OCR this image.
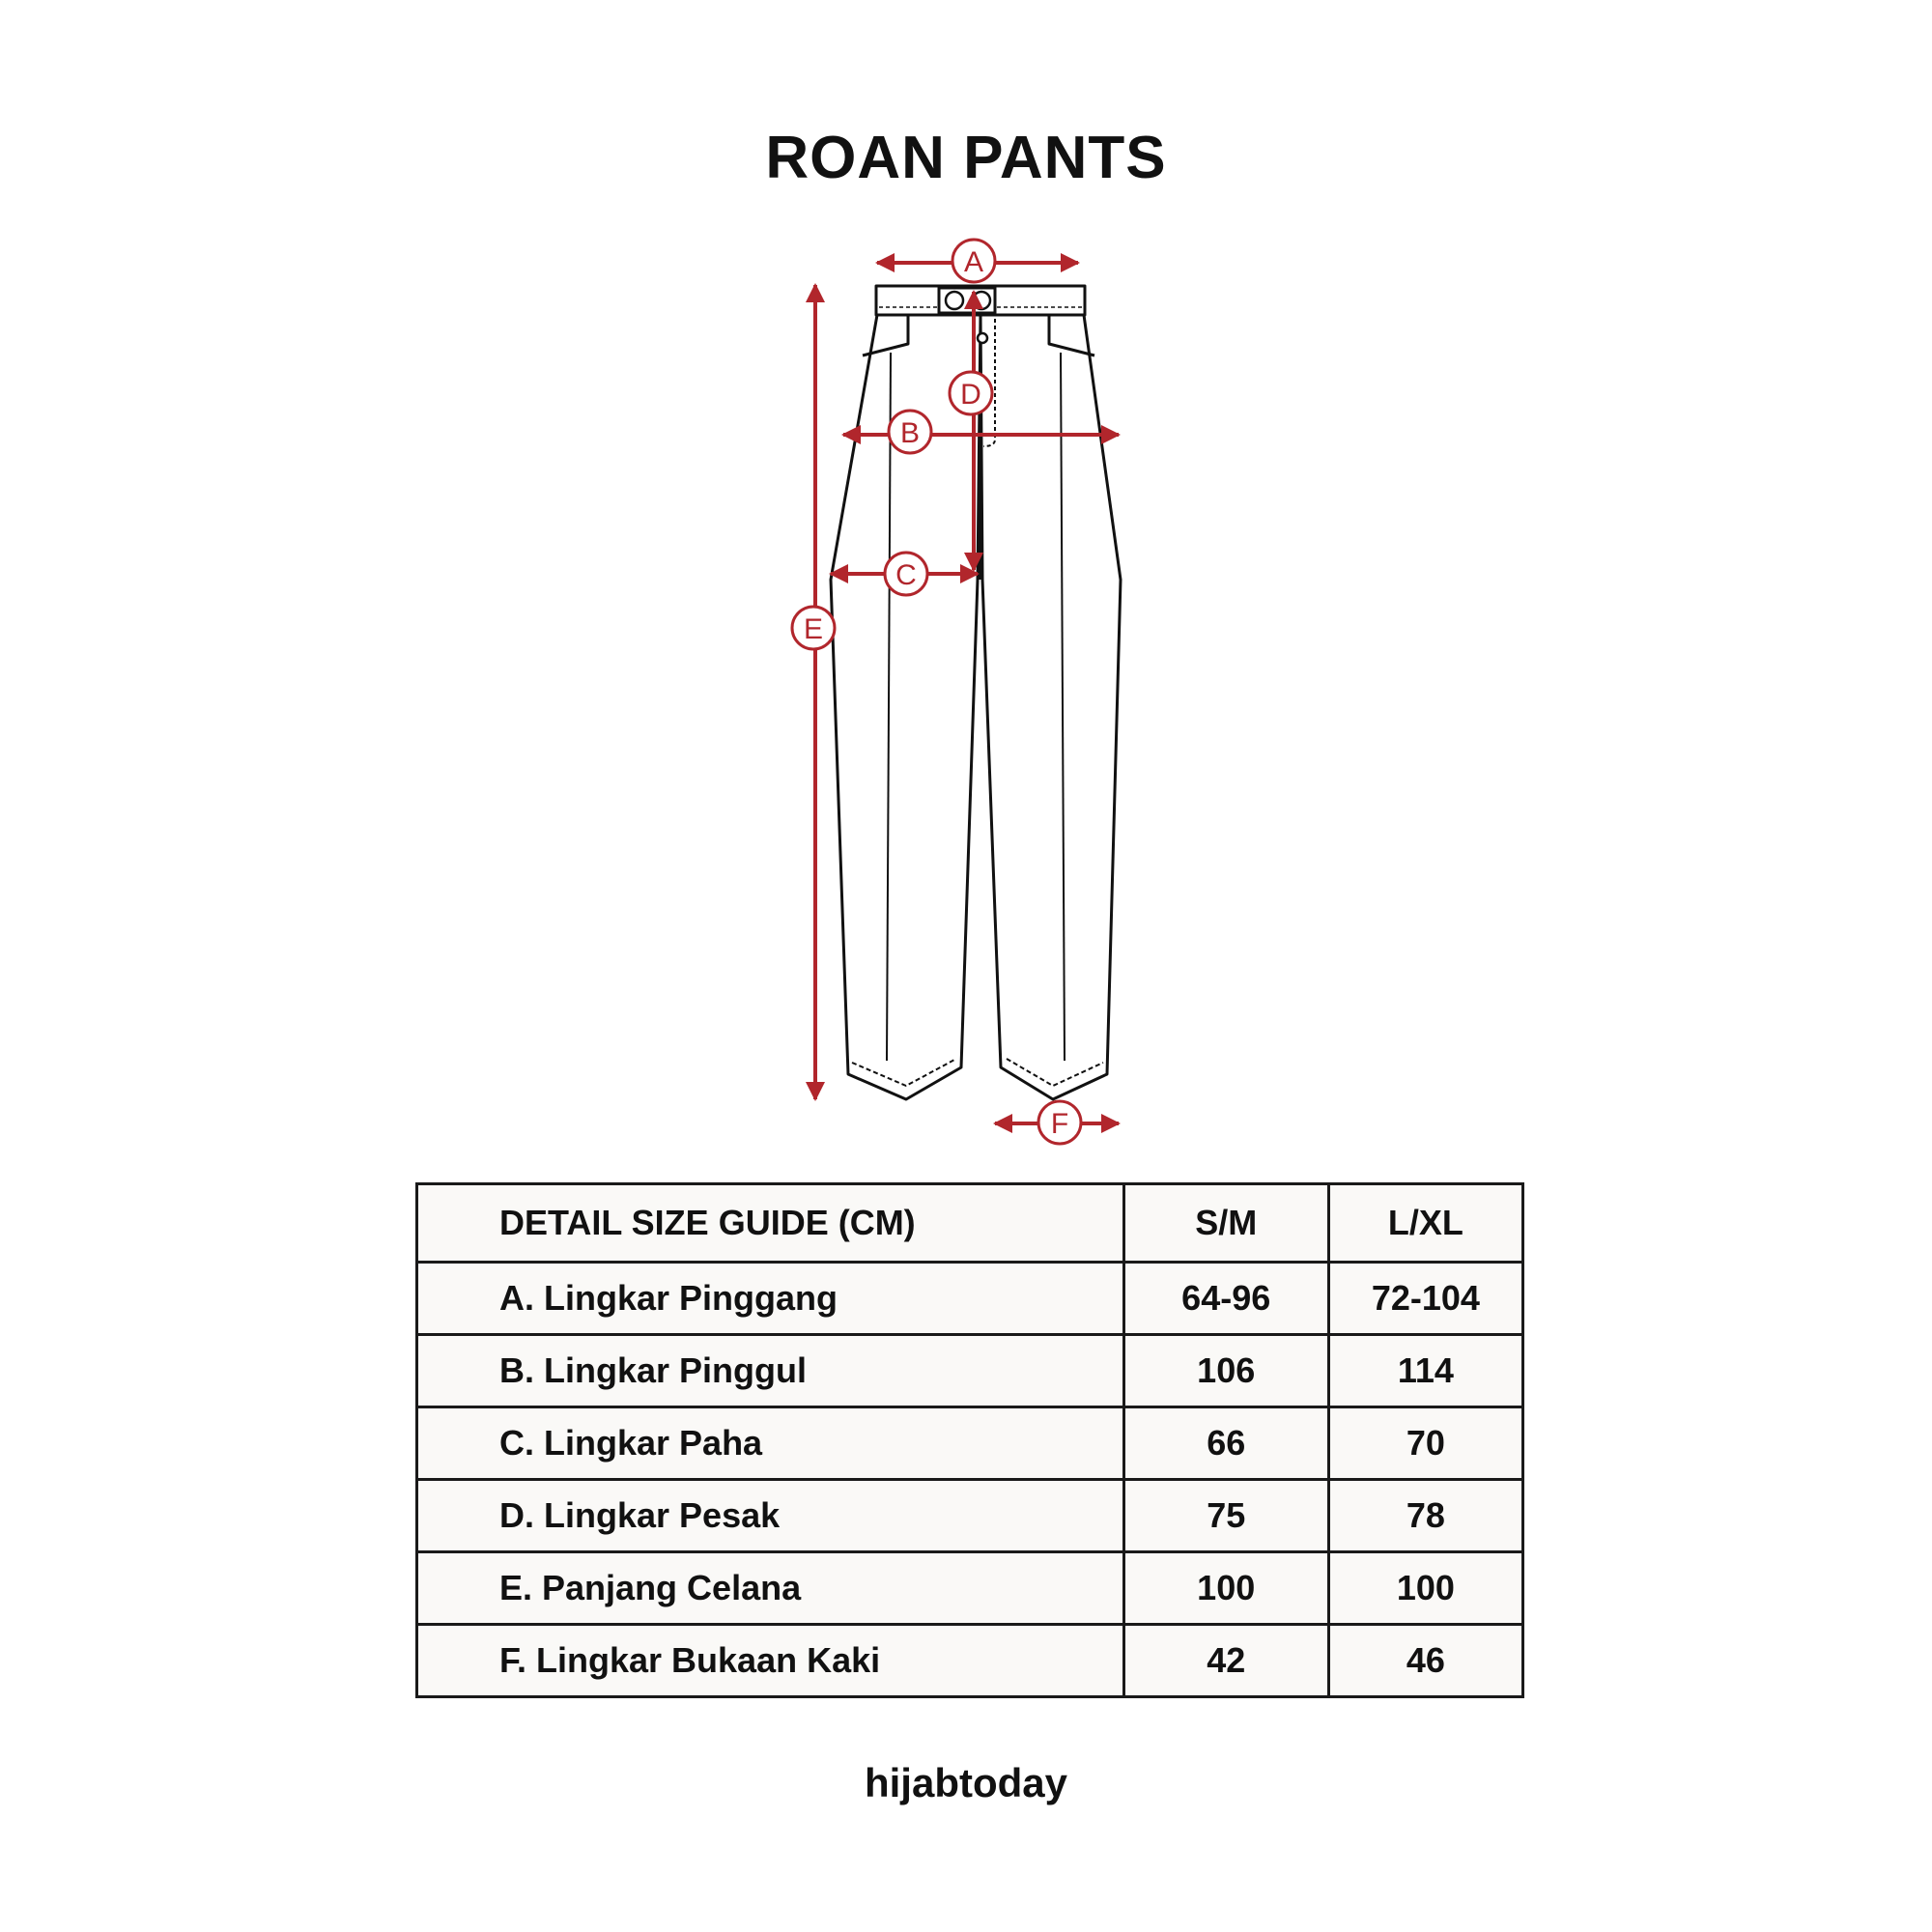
ROAN PANTS
A
B
C
D
E
F
DETAIL SIZE GUIDE (CM)	S/M	L/XL
A. Lingkar Pinggang	64-96	72-104
B. Lingkar Pinggul	106	114
C. Lingkar Paha	66	70
D. Lingkar Pesak	75	78
E. Panjang Celana	100	100
F. Lingkar Bukaan Kaki	42	46
hijabtoday
